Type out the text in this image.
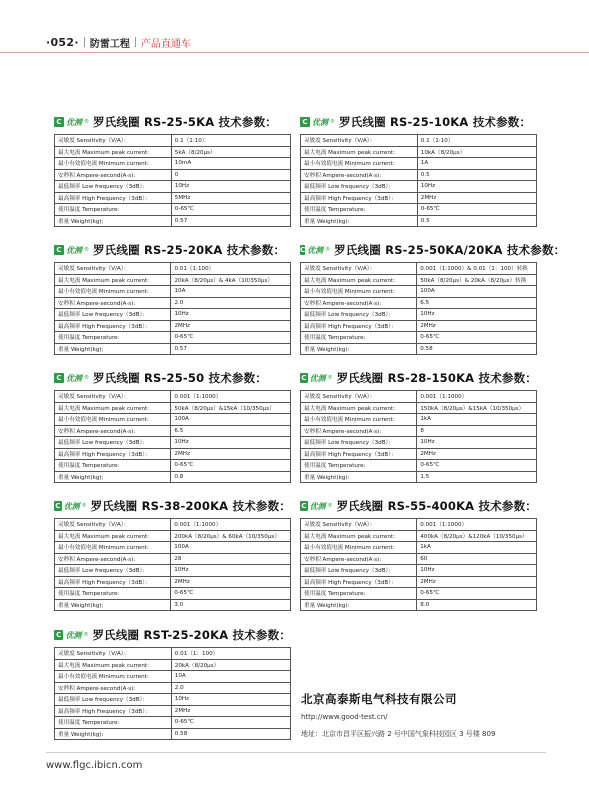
·052· 防雷工程 产品直通车
C 优测 ® 罗氏线圈 RS-25-5KA 技术参数：
灵敏度 Sensitivity（V/A）：	0.1（1:10）
最大电流 Maximum peak current:	5kA（8/20μs）
最小有效值电流 Minimum current:	10mA
安秒积 Ampere-second(A·s):	0
最低频率 Low frequency（3dB）：	10Hz
最高频率 High Frequency（3dB）：	5MHz
使用温度 Temperature:	0-65℃
重量 Weight(kg):	0.57
C 优测 ® 罗氏线圈 RS-25-10KA 技术参数：
灵敏度 Sensitivity（V/A）：	0.1（1:10）
最大电流 Maximum peak current:	10kA（8/20μs）
最小有效值电流 Minimum current:	1A
安秒积 Ampere-second(A·s):	0.5
最低频率 Low frequency（3dB）：	10Hz
最高频率 High Frequency（3dB）：	2MHz
使用温度 Temperature:	0-65℃
重量 Weight(kg):	0.5
C 优测 ® 罗氏线圈 RS-25-20KA 技术参数：
灵敏度 Sensitivity（V/A）：	0.01（1:100）
最大电流 Maximum peak current:	20kA（8/20μs）& 4kA（10/350μs）
最小有效值电流 Minimum current:	10A
安秒积 Ampere-second(A·s):	2.0
最低频率 Low frequency（3dB）：	10Hz
最高频率 High Frequency（3dB）：	2MHz
使用温度 Temperature:	0-65℃
重量 Weight(kg):	0.57
C 优测 ® 罗氏线圈 RS-25-50KA/20KA 技术参数：
灵敏度 Sensitivity（V/A）：	0.001（1:1000）& 0.01（1：100）转换
最大电流 Maximum peak current:	50kA（8/20μs）& 20kA（8/20μs）转换
最小有效值电流 Minimum current:	100A
安秒积 Ampere-second(A·s):	6.5
最低频率 Low frequency（3dB）：	10Hz
最高频率 High Frequency（3dB）：	2MHz
使用温度 Temperature:	0-65℃
重量 Weight(kg):	0.58
C 优测 ® 罗氏线圈 RS-25-50 技术参数：
灵敏度 Sensitivity（V/A）：	0.001（1:1000）
最大电流 Maximum peak current:	50kA（8/20μs）&15kA（10/350μs）
最小有效值电流 Minimum current:	100A
安秒积 Ampere-second(A·s):	6.5
最低频率 Low frequency（3dB）：	10Hz
最高频率 High Frequency（3dB）：	2MHz
使用温度 Temperature:	0-65℃
重量 Weight(kg):	0.8
C 优测 ® 罗氏线圈 RS-28-150KA 技术参数：
灵敏度 Sensitivity（V/A）：	0.001（1:1000）
最大电流 Maximum peak current:	150kA（8/20μs）&15kA（10/350μs）
最小有效值电流 Minimum current:	1kA
安秒积 Ampere-second(A·s):	8
最低频率 Low frequency（3dB）：	10Hz
最高频率 High Frequency（3dB）：	2MHz
使用温度 Temperature:	0-65℃
重量 Weight(kg):	1.5
C 优测 ® 罗氏线圈 RS-38-200KA 技术参数：
灵敏度 Sensitivity（V/A）：	0.001（1:1000）
最大电流 Maximum peak current:	200kA（8/20μs）& 60kA（10/350μs）
最小有效值电流 Minimum current:	100A
安秒积 Ampere-second(A·s):	28
最低频率 Low frequency（3dB）：	10Hz
最高频率 High Frequency（3dB）：	2MHz
使用温度 Temperature:	0-65℃
重量 Weight(kg):	3.0
C 优测 ® 罗氏线圈 RS-55-400KA 技术参数：
灵敏度 Sensitivity（V/A）：	0.001（1:1000）
最大电流 Maximum peak current:	400kA（8/20μs）&120kA（10/350μs）
最小有效值电流 Minimum current:	1kA
安秒积 Ampere-second(A·s):	60
最低频率 Low frequency（3dB）：	10Hz
最高频率 High Frequency（3dB）：	2MHz
使用温度 Temperature:	0-65℃
重量 Weight(kg):	8.0
C 优测 ® 罗氏线圈 RST-25-20KA 技术参数：
灵敏度 Sensitivity（V/A）：	0.01（1：100）
最大电流 Maximum peak current:	20kA（8/20μs）
最小有效值电流 Minimum current:	10A
安秒积 Ampere-second(A·s):	2.0
最低频率 Low frequency（3dB）：	10Hz
最高频率 High Frequency（3dB）：	2MHz
使用温度 Temperature:	0-65℃
重量 Weight(kg):	0.58
北京高泰斯电气科技有限公司
http://www.good-test.cn/
地址：北京市昌平区振兴路 2 号中国气象科技园区 3 号楼 809
www.flgc.ibicn.com
